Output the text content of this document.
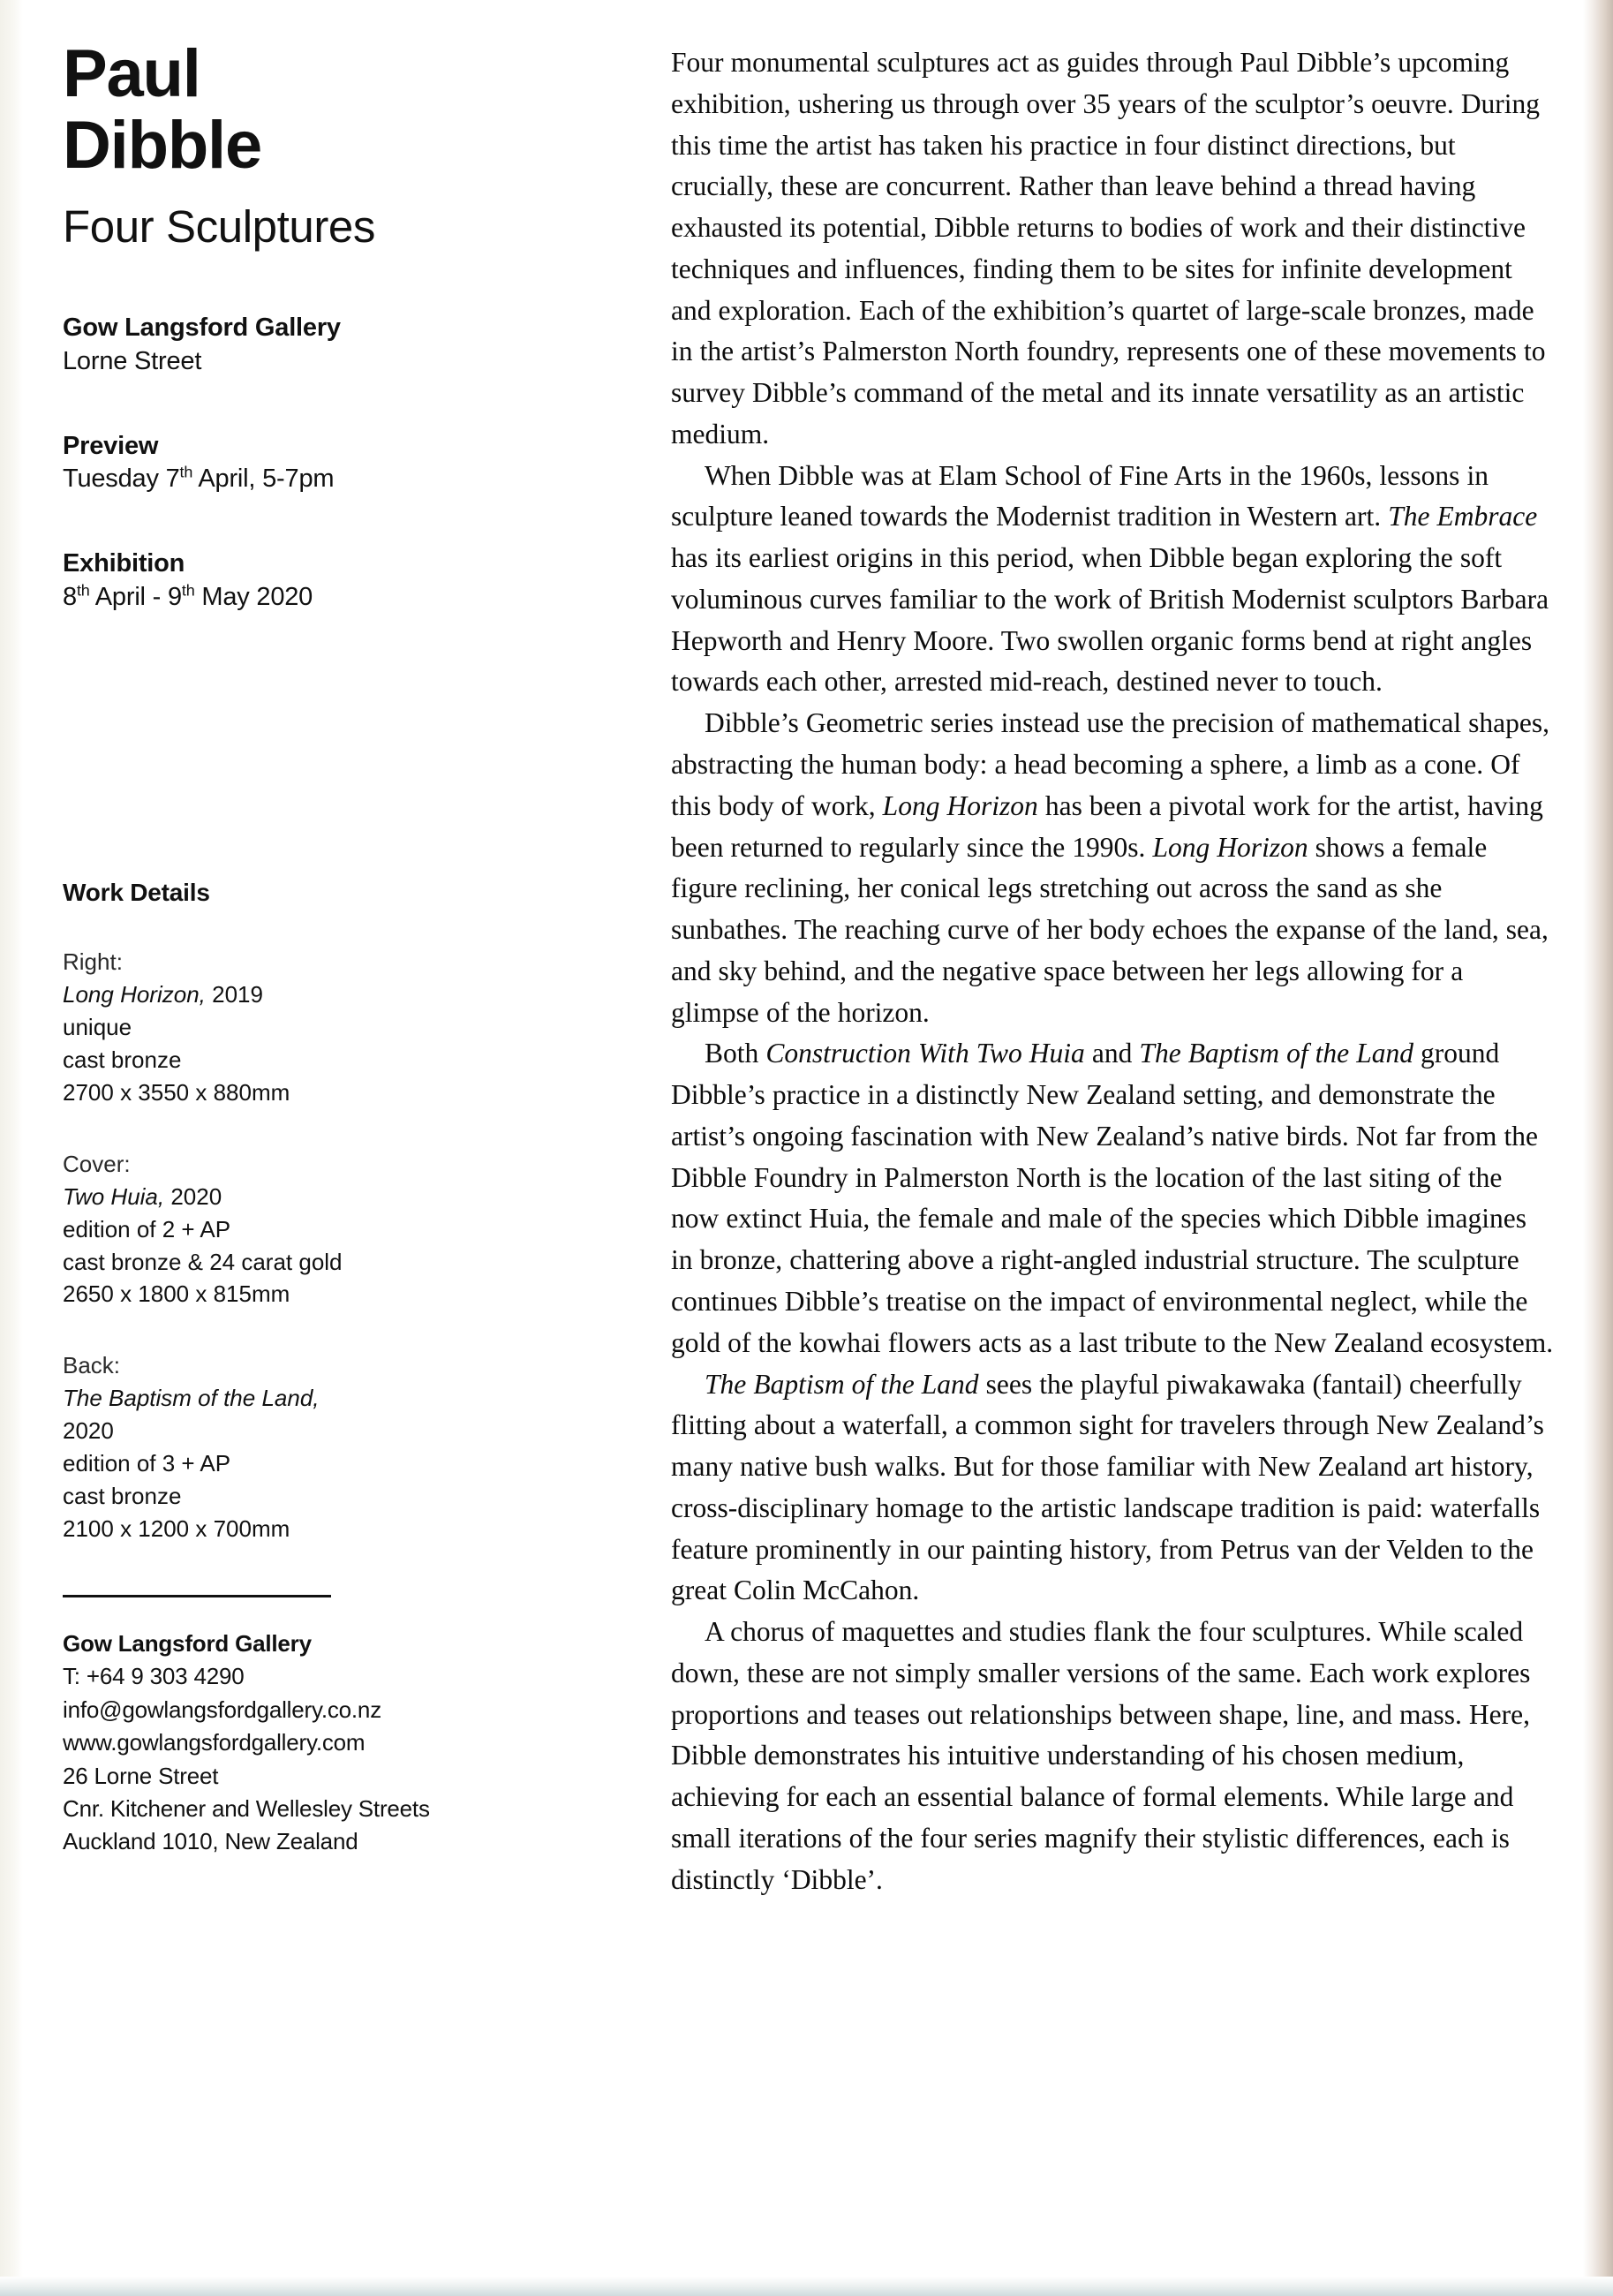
Paul
Dibble
Four Sculptures
Gow Langsford Gallery
Lorne Street
Preview
Tuesday 7th April, 5-7pm
Exhibition
8th April - 9th May 2020
Work Details
Right:
Long Horizon, 2019
unique
cast bronze
2700 x 3550 x 880mm
Cover:
Two Huia, 2020
edition of 2 + AP
cast bronze & 24 carat gold
2650 x 1800 x 815mm
Back:
The Baptism of the Land,
2020
edition of 3 + AP
cast bronze
2100 x 1200 x 700mm
Gow Langsford Gallery
T: +64 9 303 4290
info@gowlangsfordgallery.co.nz
www.gowlangsfordgallery.com
26 Lorne Street
Cnr. Kitchener and Wellesley Streets
Auckland 1010, New Zealand

Four monumental sculptures act as guides through Paul Dibble’s upcoming exhibition, ushering us through over 35 years of the sculptor’s oeuvre. During this time the artist has taken his practice in four distinct directions, but crucially, these are concurrent. Rather than leave behind a thread having exhausted its potential, Dibble returns to bodies of work and their distinctive techniques and influences, finding them to be sites for infinite development and exploration. Each of the exhibition’s quartet of large-scale bronzes, made in the artist’s Palmerston North foundry, represents one of these movements to survey Dibble’s command of the metal and its innate versatility as an artistic medium.

When Dibble was at Elam School of Fine Arts in the 1960s, lessons in sculpture leaned towards the Modernist tradition in Western art. The Embrace has its earliest origins in this period, when Dibble began exploring the soft voluminous curves familiar to the work of British Modernist sculptors Barbara Hepworth and Henry Moore. Two swollen organic forms bend at right angles towards each other, arrested mid-reach, destined never to touch.

Dibble’s Geometric series instead use the precision of mathematical shapes, abstracting the human body: a head becoming a sphere, a limb as a cone. Of this body of work, Long Horizon has been a pivotal work for the artist, having been returned to regularly since the 1990s. Long Horizon shows a female figure reclining, her conical legs stretching out across the sand as she sunbathes. The reaching curve of her body echoes the expanse of the land, sea, and sky behind, and the negative space between her legs allowing for a glimpse of the horizon.

Both Construction With Two Huia and The Baptism of the Land ground Dibble’s practice in a distinctly New Zealand setting, and demonstrate the artist’s ongoing fascination with New Zealand’s native birds. Not far from the Dibble Foundry in Palmerston North is the location of the last siting of the now extinct Huia, the female and male of the species which Dibble imagines in bronze, chattering above a right-angled industrial structure. The sculpture continues Dibble’s treatise on the impact of environmental neglect, while the gold of the kowhai flowers acts as a last tribute to the New Zealand ecosystem.

The Baptism of the Land sees the playful piwakawaka (fantail) cheerfully flitting about a waterfall, a common sight for travelers through New Zealand’s many native bush walks. But for those familiar with New Zealand art history, cross-disciplinary homage to the artistic landscape tradition is paid: waterfalls feature prominently in our painting history, from Petrus van der Velden to the great Colin McCahon.

A chorus of maquettes and studies flank the four sculptures. While scaled down, these are not simply smaller versions of the same. Each work explores proportions and teases out relationships between shape, line, and mass. Here, Dibble demonstrates his intuitive understanding of his chosen medium, achieving for each an essential balance of formal elements. While large and small iterations of the four series magnify their stylistic differences, each is distinctly ‘Dibble’.
